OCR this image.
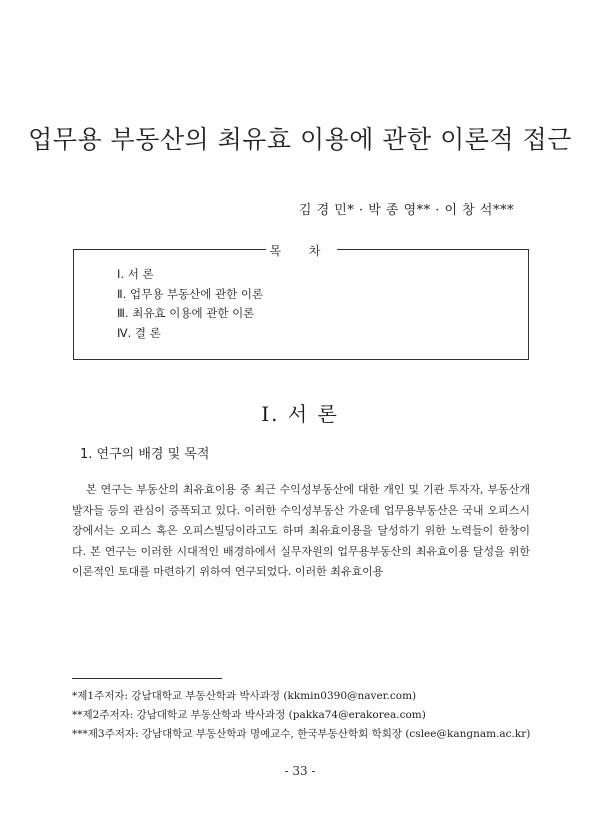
업무용 부동산의 최유효 이용에 관한 이론적 접근
김 경 민* · 박 종 영** · 이 창 석***
목 차
Ⅰ. 서 론
Ⅱ. 업무용 부동산에 관한 이론
Ⅲ. 최유효 이용에 관한 이론
Ⅳ. 결 론
Ⅰ. 서 론
1. 연구의 배경 및 목적

본 연구는 부동산의 최유효이용 중 최근 수익성부동산에 대한 개인 및 기관 투자자, 부동산개발자들 등의 관심이 증폭되고 있다. 이러한 수익성부동산 가운데 업무용부동산은 국내 오피스시장에서는 오피스 혹은 오피스빌딩이라고도 하며 최유효이용을 달성하기 위한 노력들이 한창이다. 본 연구는 이러한 시대적인 배경하에서 실무자원의 업무용부동산의 최유효이용 달성을 위한 이론적인 토대를 마련하기 위하여 연구되었다. 이러한 최유효이용

*제1주저자: 강남대학교 부동산학과 박사과정 (kkmin0390@naver.com)
**제2주저자: 강남대학교 부동산학과 박사과정 (pakka74@erakorea.com)
***제3주저자: 강남대학교 부동산학과 명예교수, 한국부동산학회 학회장 (cslee@kangnam.ac.kr)
- 33 -
